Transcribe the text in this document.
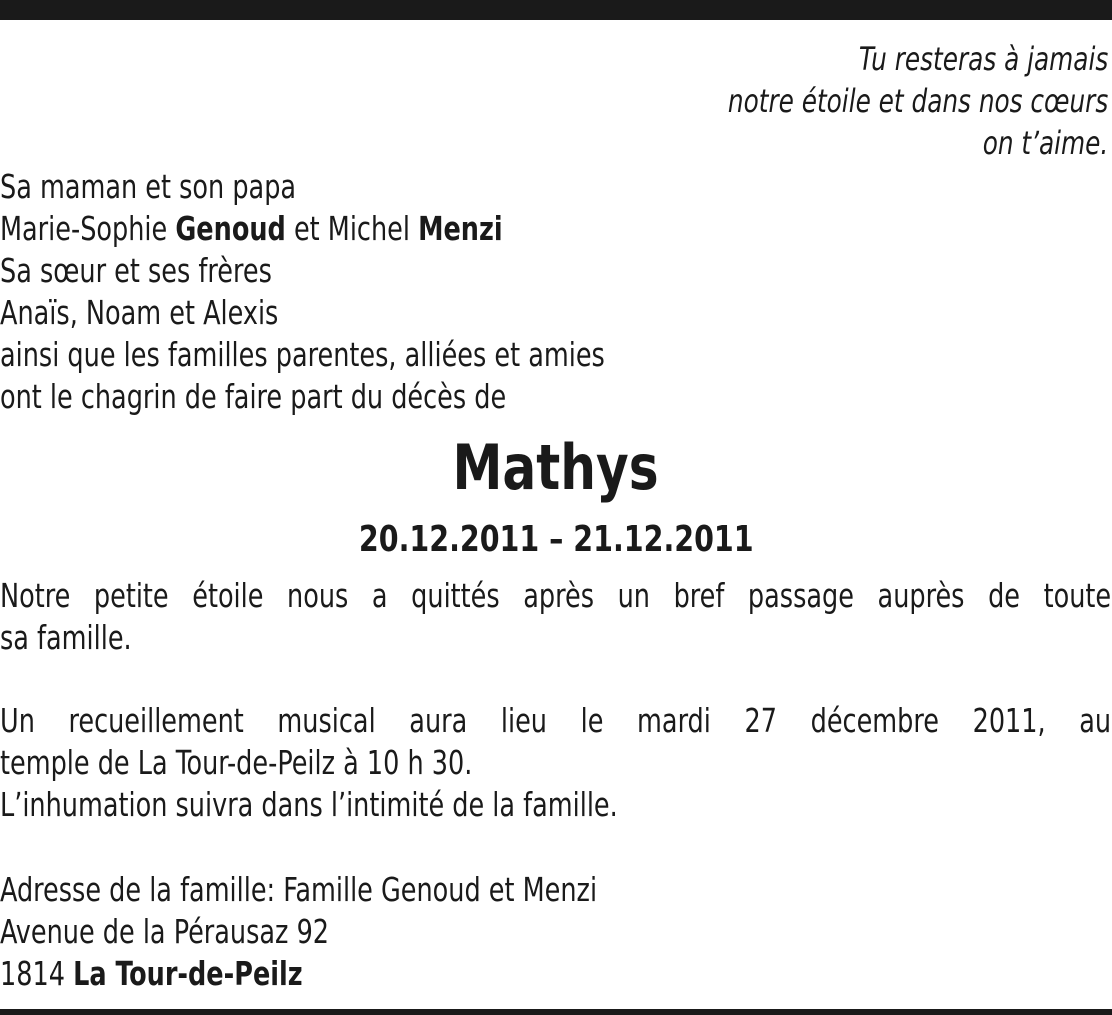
Tu resteras à jamais
notre étoile et dans nos cœurs
on t’aime.
Sa maman et son papa
Marie-Sophie Genoud et Michel Menzi
Sa sœur et ses frères
Anaïs, Noam et Alexis
ainsi que les familles parentes, alliées et amies
ont le chagrin de faire part du décès de
Mathys
20.12.2011 – 21.12.2011
Notre petite étoile nous a quittés après un bref passage auprès de toute
sa famille.
Un recueillement musical aura lieu le mardi 27 décembre 2011, au
temple de La Tour-de-Peilz à 10 h 30.
L’inhumation suivra dans l’intimité de la famille.
Adresse de la famille: Famille Genoud et Menzi
Avenue de la Pérausaz 92
1814 La Tour-de-Peilz
